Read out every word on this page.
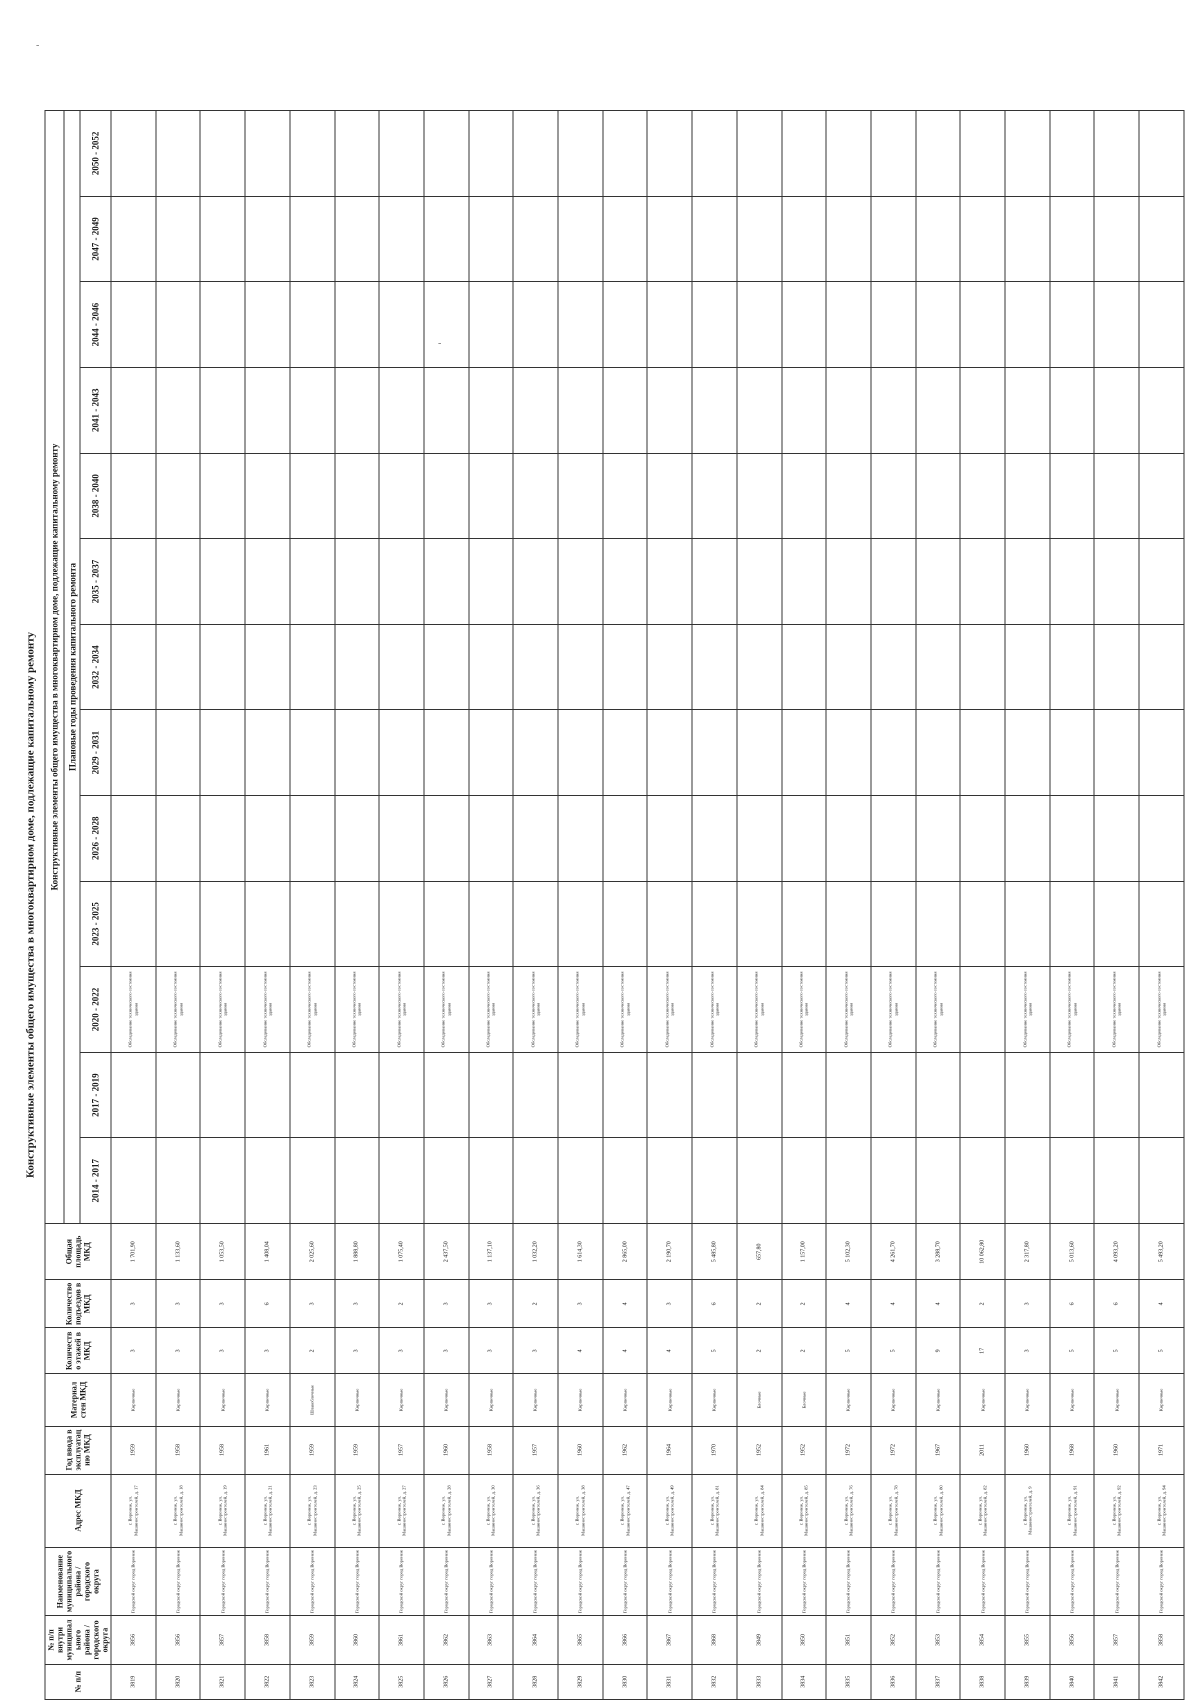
-
-
Конструктивные элементы общего имущества в многоквартирном доме, подлежащие капитальному ремонту
№ п/п	№ п/п внутри муниципального района / городского округа	Наименование муниципального района / городского округа	Адрес МКД	Год ввода в эксплуатацию МКД	Материал стен МКД	Количество этажей в МКД	Количество подъездов в МКД	Общая площадь МКД	Конструктивные элементы общего имущества в многоквартирном доме, подлежащие капитальному ремонту												
									Плановые годы проведения капитального ремонта												
									2014 - 2017	2017 - 2019	2020 - 2022	2023 - 2025	2026 - 2028	2029 - 2031	2032 - 2034	2035 - 2037	2038 - 2040	2041 - 2043	2044 - 2046	2047 - 2049	2050 - 2052
3819	3856	Городской округ город Воронеж	г. Воронеж, ул. Машиностроителей, д. 17	1959	Кирпичные	3	3	1 701,90			Обследование технического состояния здания										
3820	3856	Городской округ город Воронеж	г. Воронеж, ул. Машиностроителей, д. 18	1958	Кирпичные	3	3	1 133,60			Обследование технического состояния здания										
3821	3857	Городской округ город Воронеж	г. Воронеж, ул. Машиностроителей, д. 19	1958	Кирпичные	3	3	1 053,50			Обследование технического состояния здания										
3822	3858	Городской округ город Воронеж	г. Воронеж, ул. Машиностроителей, д. 21	1961	Кирпичные	3	6	1 408,04			Обследование технического состояния здания										
3823	3859	Городской округ город Воронеж	г. Воронеж, ул. Машиностроителей, д. 23	1959	Шлакоблочные	2	3	2 025,60			Обследование технического состояния здания										
3824	3860	Городской округ город Воронеж	г. Воронеж, ул. Машиностроителей, д. 25	1959	Кирпичные	3	3	1 888,80			Обследование технического состояния здания										
3825	3861	Городской округ город Воронеж	г. Воронеж, ул. Машиностроителей, д. 27	1957	Кирпичные	3	2	1 075,40			Обследование технического состояния здания										
3826	3862	Городской округ город Воронеж	г. Воронеж, ул. Машиностроителей, д. 28	1960	Кирпичные	3	3	2 437,50			Обследование технического состояния здания										
3827	3863	Городской округ город Воронеж	г. Воронеж, ул. Машиностроителей, д. 30	1958	Кирпичные	3	3	1 137,10			Обследование технического состояния здания										
3828	3864	Городской округ город Воронеж	г. Воронеж, ул. Машиностроителей, д. 36	1957	Кирпичные	3	2	1 032,20			Обследование технического состояния здания										
3829	3865	Городской округ город Воронеж	г. Воронеж, ул. Машиностроителей, д. 38	1960	Кирпичные	4	3	1 614,30			Обследование технического состояния здания										
3830	3866	Городской округ город Воронеж	г. Воронеж, ул. Машиностроителей, д. 47	1962	Кирпичные	4	4	2 865,00			Обследование технического состояния здания										
3831	3867	Городской округ город Воронеж	г. Воронеж, ул. Машиностроителей, д. 49	1964	Кирпичные	4	3	2 190,70			Обследование технического состояния здания										
3832	3868	Городской округ город Воронеж	г. Воронеж, ул. Машиностроителей, д. 81	1970	Кирпичные	5	6	5 485,80			Обследование технического состояния здания										
3833	3849	Городской округ город Воронеж	г. Воронеж, ул. Машиностроителей, д. 84	1952	Блочные	2	2	657,80			Обследование технического состояния здания										
3834	3850	Городской округ город Воронеж	г. Воронеж, ул. Машиностроителей, д. 85	1952	Блочные	2	2	1 157,00			Обследование технического состояния здания										
3835	3851	Городской округ город Воронеж	г. Воронеж, ул. Машиностроителей, д. 76	1972	Кирпичные	5	4	5 102,30			Обследование технического состояния здания										
3836	3852	Городской округ город Воронеж	г. Воронеж, ул. Машиностроителей, д. 78	1972	Кирпичные	5	4	4 261,70			Обследование технического состояния здания										
3837	3853	Городской округ город Воронеж	г. Воронеж, ул. Машиностроителей, д. 80	1967	Кирпичные	9	4	3 288,70			Обследование технического состояния здания										
3838	3854	Городской округ город Воронеж	г. Воронеж, ул. Машиностроителей, д. 82	2011	Кирпичные	17	2	10 062,80													
3839	3855	Городской округ город Воронеж	г. Воронеж, ул. Машиностроителей, д. 9	1960	Кирпичные	3	3	2 317,80			Обследование технического состояния здания										
3840	3856	Городской округ город Воронеж	г. Воронеж, ул. Машиностроителей, д. 91	1968	Кирпичные	5	6	5 013,60			Обследование технического состояния здания										
3841	3857	Городской округ город Воронеж	г. Воронеж, ул. Машиностроителей, д. 92	1960	Кирпичные	5	6	4 093,20			Обследование технического состояния здания										
3842	3858	Городской округ город Воронеж	г. Воронеж, ул. Машиностроителей, д. 94	1971	Кирпичные	5	4	5 493,20			Обследование технического состояния здания										
